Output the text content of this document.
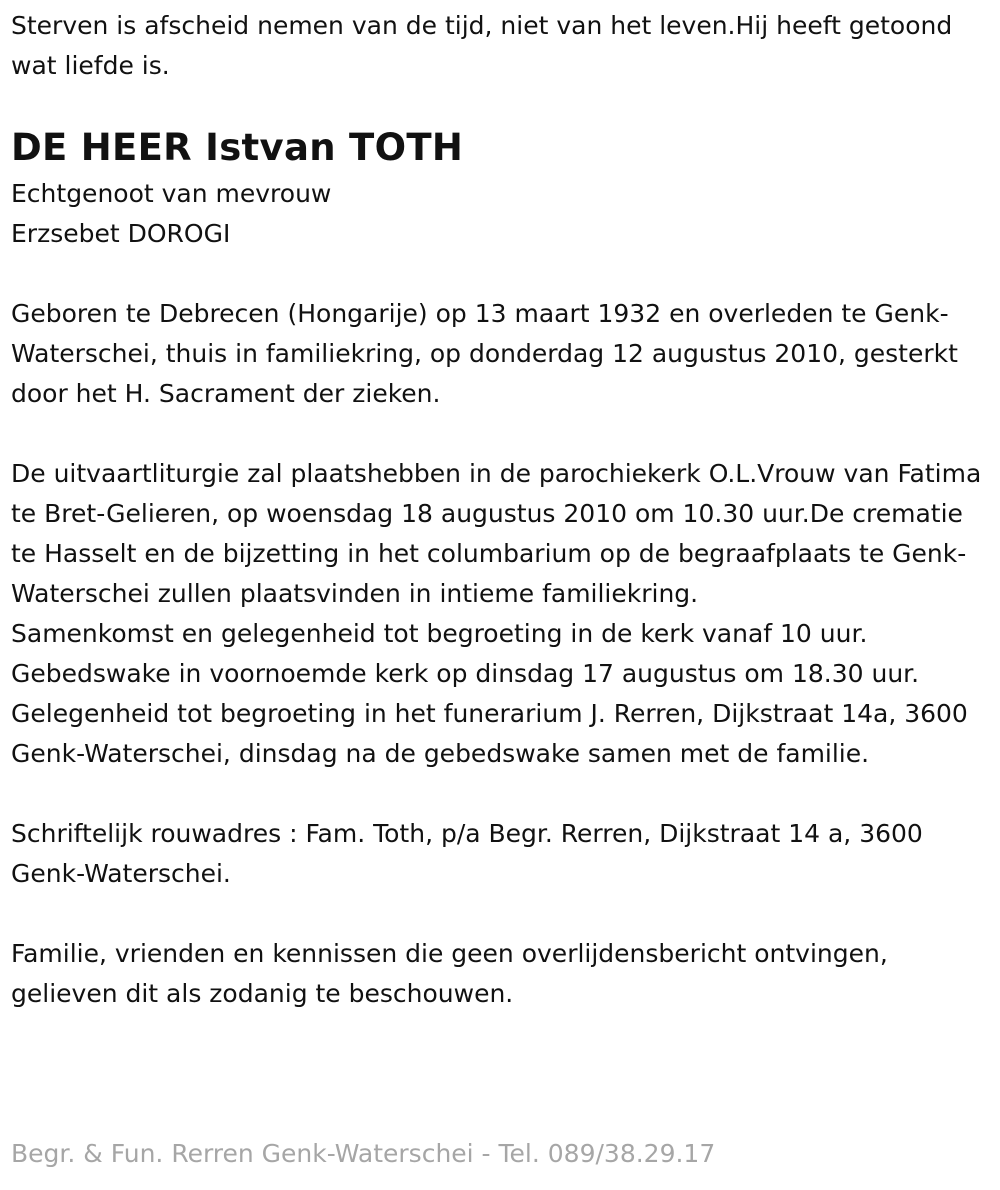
Sterven is afscheid nemen van de tijd, niet van het leven.Hij heeft getoond wat liefde is.

DE HEER Istvan TOTH

Echtgenoot van mevrouw

Erzsebet DOROGI

Geboren te Debrecen (Hongarije) op 13 maart 1932 en overleden te Genk-Waterschei, thuis in familiekring, op donderdag 12 augustus 2010, gesterkt door het H. Sacrament der zieken.

De uitvaartliturgie zal plaatshebben in de parochiekerk O.L.Vrouw van Fatima te Bret-Gelieren, op woensdag 18 augustus 2010 om 10.30 uur.De crematie te Hasselt en de bijzetting in het columbarium op de begraafplaats te Genk-Waterschei zullen plaatsvinden in intieme familiekring.

Samenkomst en gelegenheid tot begroeting in de kerk vanaf 10 uur.

Gebedswake in voornoemde kerk op dinsdag 17 augustus om 18.30 uur.

Gelegenheid tot begroeting in het funerarium J. Rerren, Dijkstraat 14a, 3600 Genk-Waterschei, dinsdag na de gebedswake samen met de familie.

Schriftelijk rouwadres : Fam. Toth, p/a Begr. Rerren, Dijkstraat 14 a, 3600 Genk-Waterschei.

Familie, vrienden en kennissen die geen overlijdensbericht ontvingen, gelieven dit als zodanig te beschouwen.

Begr. & Fun. Rerren Genk-Waterschei - Tel. 089/38.29.17
